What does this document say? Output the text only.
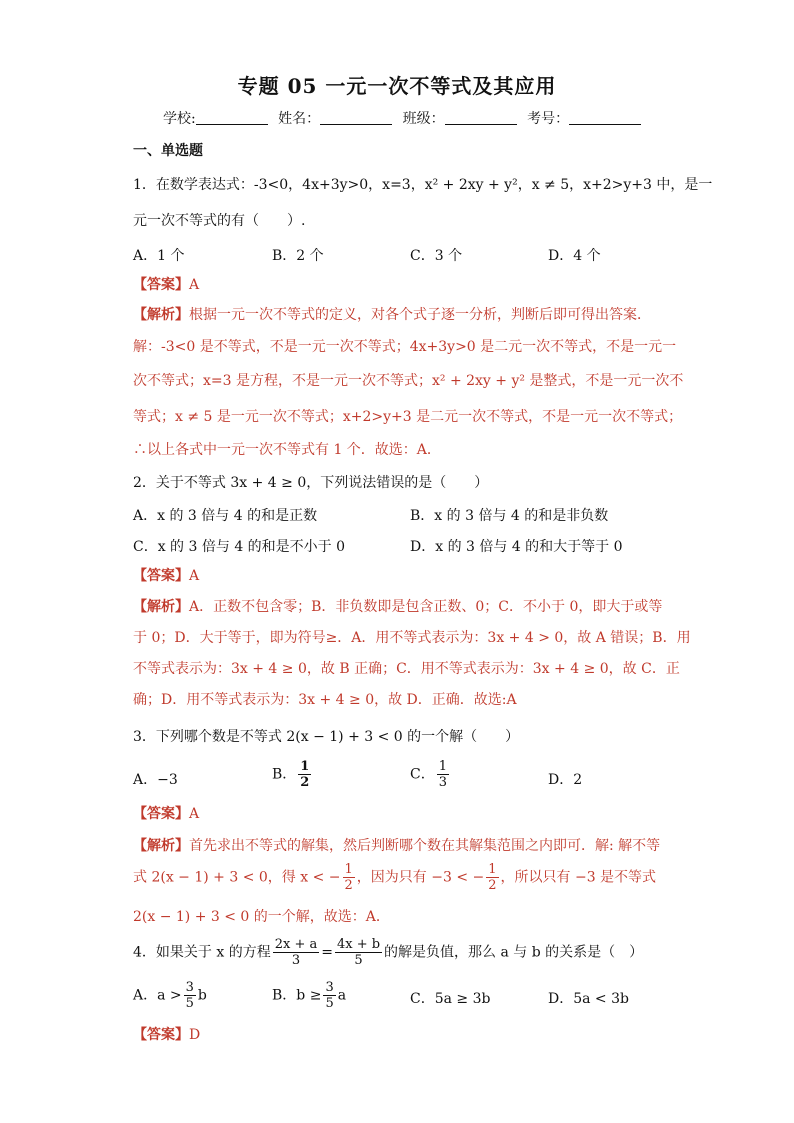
专题 05 一元一次不等式及其应用
学校:	姓名：	班级：	考号：
一、单选题
1．在数学表达式：-3<0，4x+3y>0，x=3，x² + 2xy + y²，x ≠ 5，x+2>y+3 中，是一
元一次不等式的有（　　）.
A．1 个	B．2 个	C．3 个	D．4 个
【答案】A
【解析】根据一元一次不等式的定义，对各个式子逐一分析，判断后即可得出答案．
解：-3<0 是不等式，不是一元一次不等式；4x+3y>0 是二元一次不等式，不是一元一
次不等式；x=3 是方程，不是一元一次不等式；x² + 2xy + y² 是整式，不是一元一次不
等式；x ≠ 5 是一元一次不等式；x+2>y+3 是二元一次不等式，不是一元一次不等式；
∴以上各式中一元一次不等式有 1 个．故选：A．
2．关于不等式 3x + 4 ≥ 0，下列说法错误的是（　　）
A．x 的 3 倍与 4 的和是正数	B．x 的 3 倍与 4 的和是非负数
C．x 的 3 倍与 4 的和是不小于 0	D．x 的 3 倍与 4 的和大于等于 0
【答案】A
【解析】A．正数不包含零；B．非负数即是包含正数、0；C．不小于 0，即大于或等
于 0；D．大于等于，即为符号≥．A．用不等式表示为：3x + 4 > 0，故 A 错误；B．用
不等式表示为：3x + 4 ≥ 0，故 B 正确；C．用不等式表示为：3x + 4 ≥ 0，故 C．正
确；D．用不等式表示为：3x + 4 ≥ 0，故 D．正确．故选:A
3．下列哪个数是不等式 2(x − 1) + 3 < 0 的一个解（　　）
A．−3	B． $\frac{1}{2}$	C． $\frac{1}{3}$	D．2
【答案】A
【解析】首先求出不等式的解集，然后判断哪个数在其解集范围之内即可．解: 解不等
式 2(x − 1) + 3 < 0，得 x < − $\frac{1}{2}$ ，因为只有 −3 < − $\frac{1}{2}$ ，所以只有 −3 是不等式
2(x − 1) + 3 < 0 的一个解，故选：A．
4．如果关于 x 的方程 $\frac{2x + a}{3} = \frac{4x + b}{5}$ 的解是负值，那么 a 与 b 的关系是（　）
A．$a > \frac{3}{5}$ b	B．$b \ge \frac{3}{5}$ a	C．5a ≥ 3b	D．5a < 3b
【答案】D
